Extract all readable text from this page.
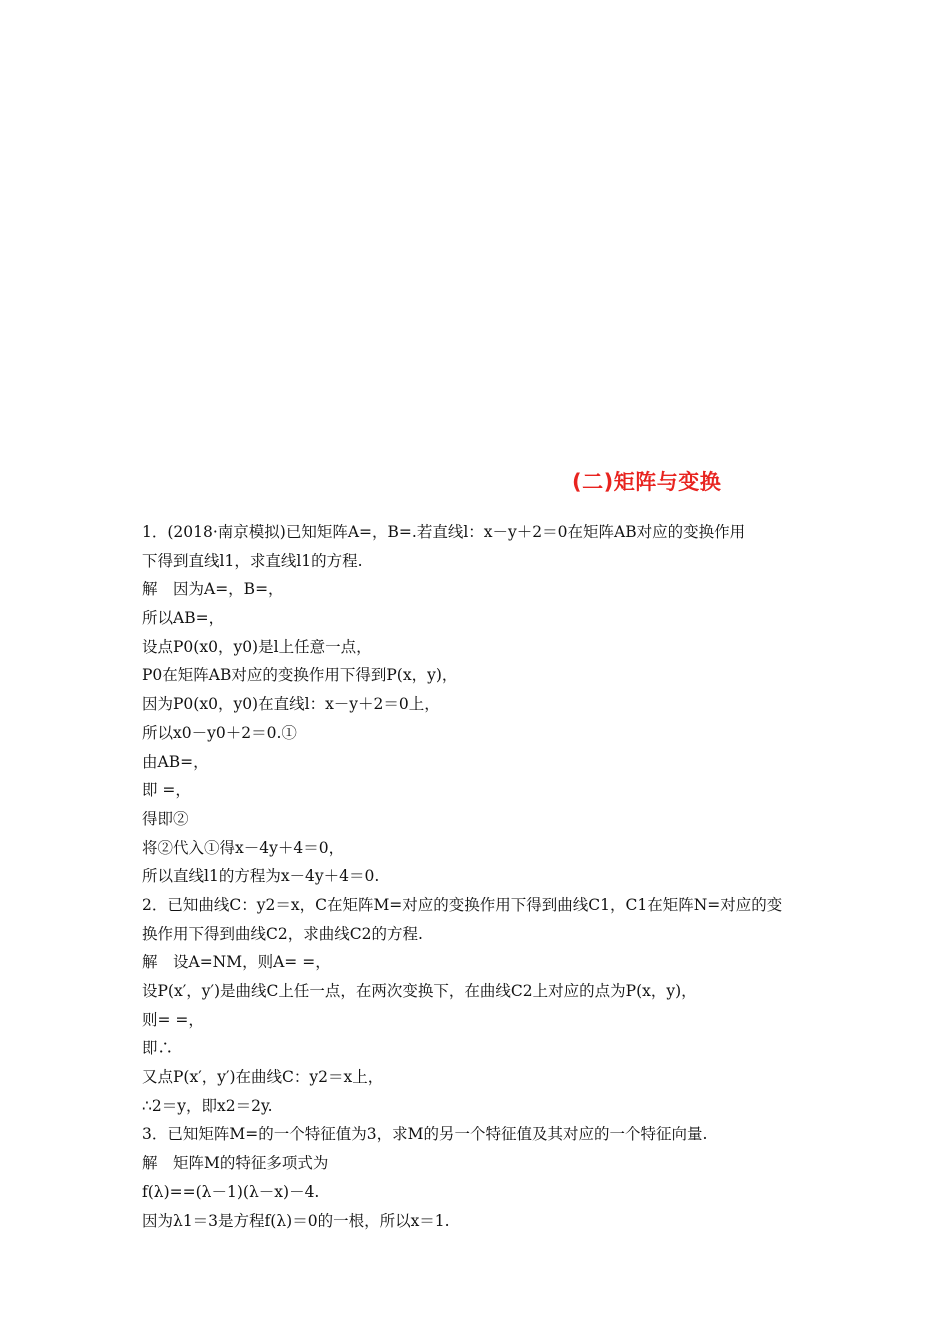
(二)矩阵与变换
1．(2018·南京模拟)已知矩阵A=，B=.若直线l：x－y＋2＝0在矩阵AB对应的变换作用
下得到直线l1，求直线l1的方程.
解　因为A=，B=，
所以AB=，
设点P0(x0，y0)是l上任意一点，
P0在矩阵AB对应的变换作用下得到P(x，y)，
因为P0(x0，y0)在直线l：x－y＋2＝0上，
所以x0－y0＋2＝0.①
由AB=，
即 =，
得即②
将②代入①得x－4y＋4＝0，
所以直线l1的方程为x－4y＋4＝0.
2．已知曲线C：y2＝x，C在矩阵M=对应的变换作用下得到曲线C1，C1在矩阵N=对应的变
换作用下得到曲线C2，求曲线C2的方程.
解　设A=NM，则A= =，
设P(x′，y′)是曲线C上任一点，在两次变换下，在曲线C2上对应的点为P(x，y)，
则= =，
即∴
又点P(x′，y′)在曲线C：y2＝x上，
∴2＝y，即x2＝2y.
3．已知矩阵M=的一个特征值为3，求M的另一个特征值及其对应的一个特征向量.
解　矩阵M的特征多项式为
f(λ)==(λ－1)(λ－x)－4.
因为λ1＝3是方程f(λ)＝0的一根，所以x＝1.
